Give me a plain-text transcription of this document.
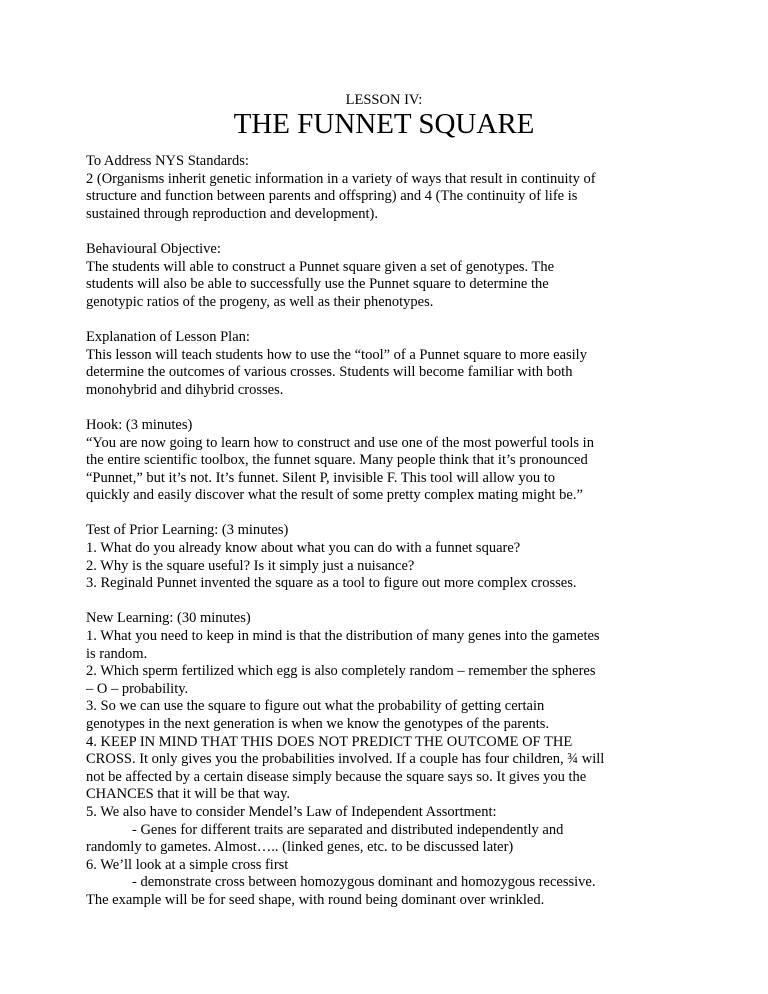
LESSON IV:
THE FUNNET SQUARE
To Address NYS Standards:
2 (Organisms inherit genetic information in a variety of ways that result in continuity of
structure and function between parents and offspring) and 4 (The continuity of life is
sustained through reproduction and development).
Behavioural Objective:
The students will able to construct a Punnet square given a set of genotypes. The
students will also be able to successfully use the Punnet square to determine the
genotypic ratios of the progeny, as well as their phenotypes.
Explanation of Lesson Plan:
This lesson will teach students how to use the “tool” of a Punnet square to more easily
determine the outcomes of various crosses. Students will become familiar with both
monohybrid and dihybrid crosses.
Hook: (3 minutes)
“You are now going to learn how to construct and use one of the most powerful tools in
the entire scientific toolbox, the funnet square. Many people think that it’s pronounced
“Punnet,” but it’s not. It’s funnet. Silent P, invisible F. This tool will allow you to
quickly and easily discover what the result of some pretty complex mating might be.”
Test of Prior Learning: (3 minutes)
1. What do you already know about what you can do with a funnet square?
2. Why is the square useful? Is it simply just a nuisance?
3. Reginald Punnet invented the square as a tool to figure out more complex crosses.
New Learning: (30 minutes)
1. What you need to keep in mind is that the distribution of many genes into the gametes
is random.
2. Which sperm fertilized which egg is also completely random – remember the spheres
– O – probability.
3. So we can use the square to figure out what the probability of getting certain
genotypes in the next generation is when we know the genotypes of the parents.
4. KEEP IN MIND THAT THIS DOES NOT PREDICT THE OUTCOME OF THE
CROSS. It only gives you the probabilities involved. If a couple has four children, ¾ will
not be affected by a certain disease simply because the square says so. It gives you the
CHANCES that it will be that way.
5. We also have to consider Mendel’s Law of Independent Assortment:
- Genes for different traits are separated and distributed independently and
randomly to gametes. Almost….. (linked genes, etc. to be discussed later)
6. We’ll look at a simple cross first
- demonstrate cross between homozygous dominant and homozygous recessive.
The example will be for seed shape, with round being dominant over wrinkled.
